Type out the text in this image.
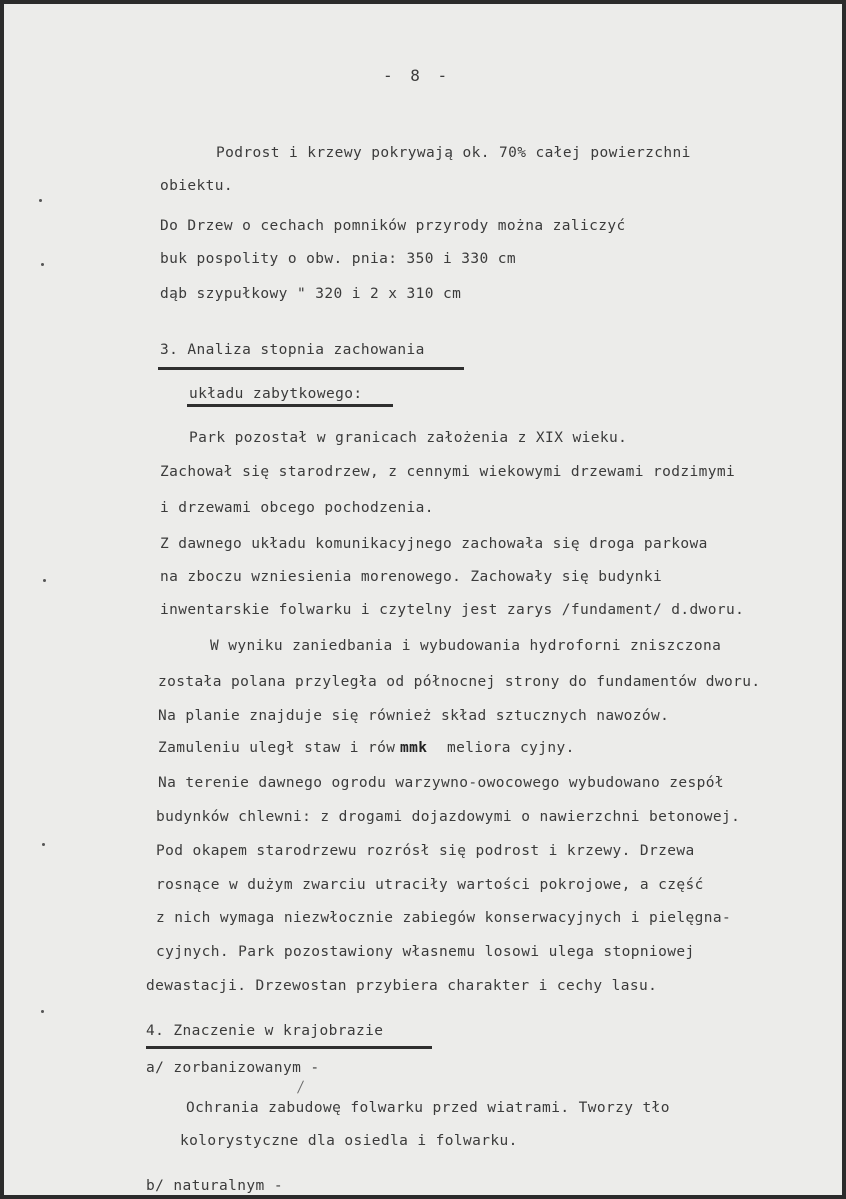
- 8 -
Podrost i krzewy pokrywają ok. 70% całej powierzchni
obiektu.
Do Drzew o cechach pomników przyrody można zaliczyć
buk pospolity o obw. pnia: 350 i 330 cm
dąb szypułkowy " 320 i 2 x 310 cm
3. Analiza stopnia zachowania
układu zabytkowego:
Park pozostał w granicach założenia z XIX wieku.
Zachował się starodrzew, z cennymi wiekowymi drzewami rodzimymi
i drzewami obcego pochodzenia.
Z dawnego układu komunikacyjnego zachowała się droga parkowa
na zboczu wzniesienia morenowego. Zachowały się budynki
inwentarskie folwarku i czytelny jest zarys /fundament/ d.dworu.
W wyniku zaniedbania i wybudowania hydroforni zniszczona
została polana przyległa od północnej strony do fundamentów dworu.
Na planie znajduje się również skład sztucznych nawozów.
Zamuleniu uległ staw i rów mmk meliora cyjny.
Na terenie dawnego ogrodu warzywno-owocowego wybudowano zespół
budynków chlewni: z drogami dojazdowymi o nawierzchni betonowej.
Pod okapem starodrzewu rozrósł się podrost i krzewy. Drzewa
rosnące w dużym zwarciu utraciły wartości pokrojowe, a część
z nich wymaga niezwłocznie zabiegów konserwacyjnych i pielęgna-
cyjnych. Park pozostawiony własnemu losowi ulega stopniowej
dewastacji. Drzewostan przybiera charakter i cechy lasu.
4. Znaczenie w krajobrazie
a/ zorbanizowanym -
Ochrania zabudowę folwarku przed wiatrami. Tworzy tło
kolorystyczne dla osiedla i folwarku.
b/ naturalnym -
